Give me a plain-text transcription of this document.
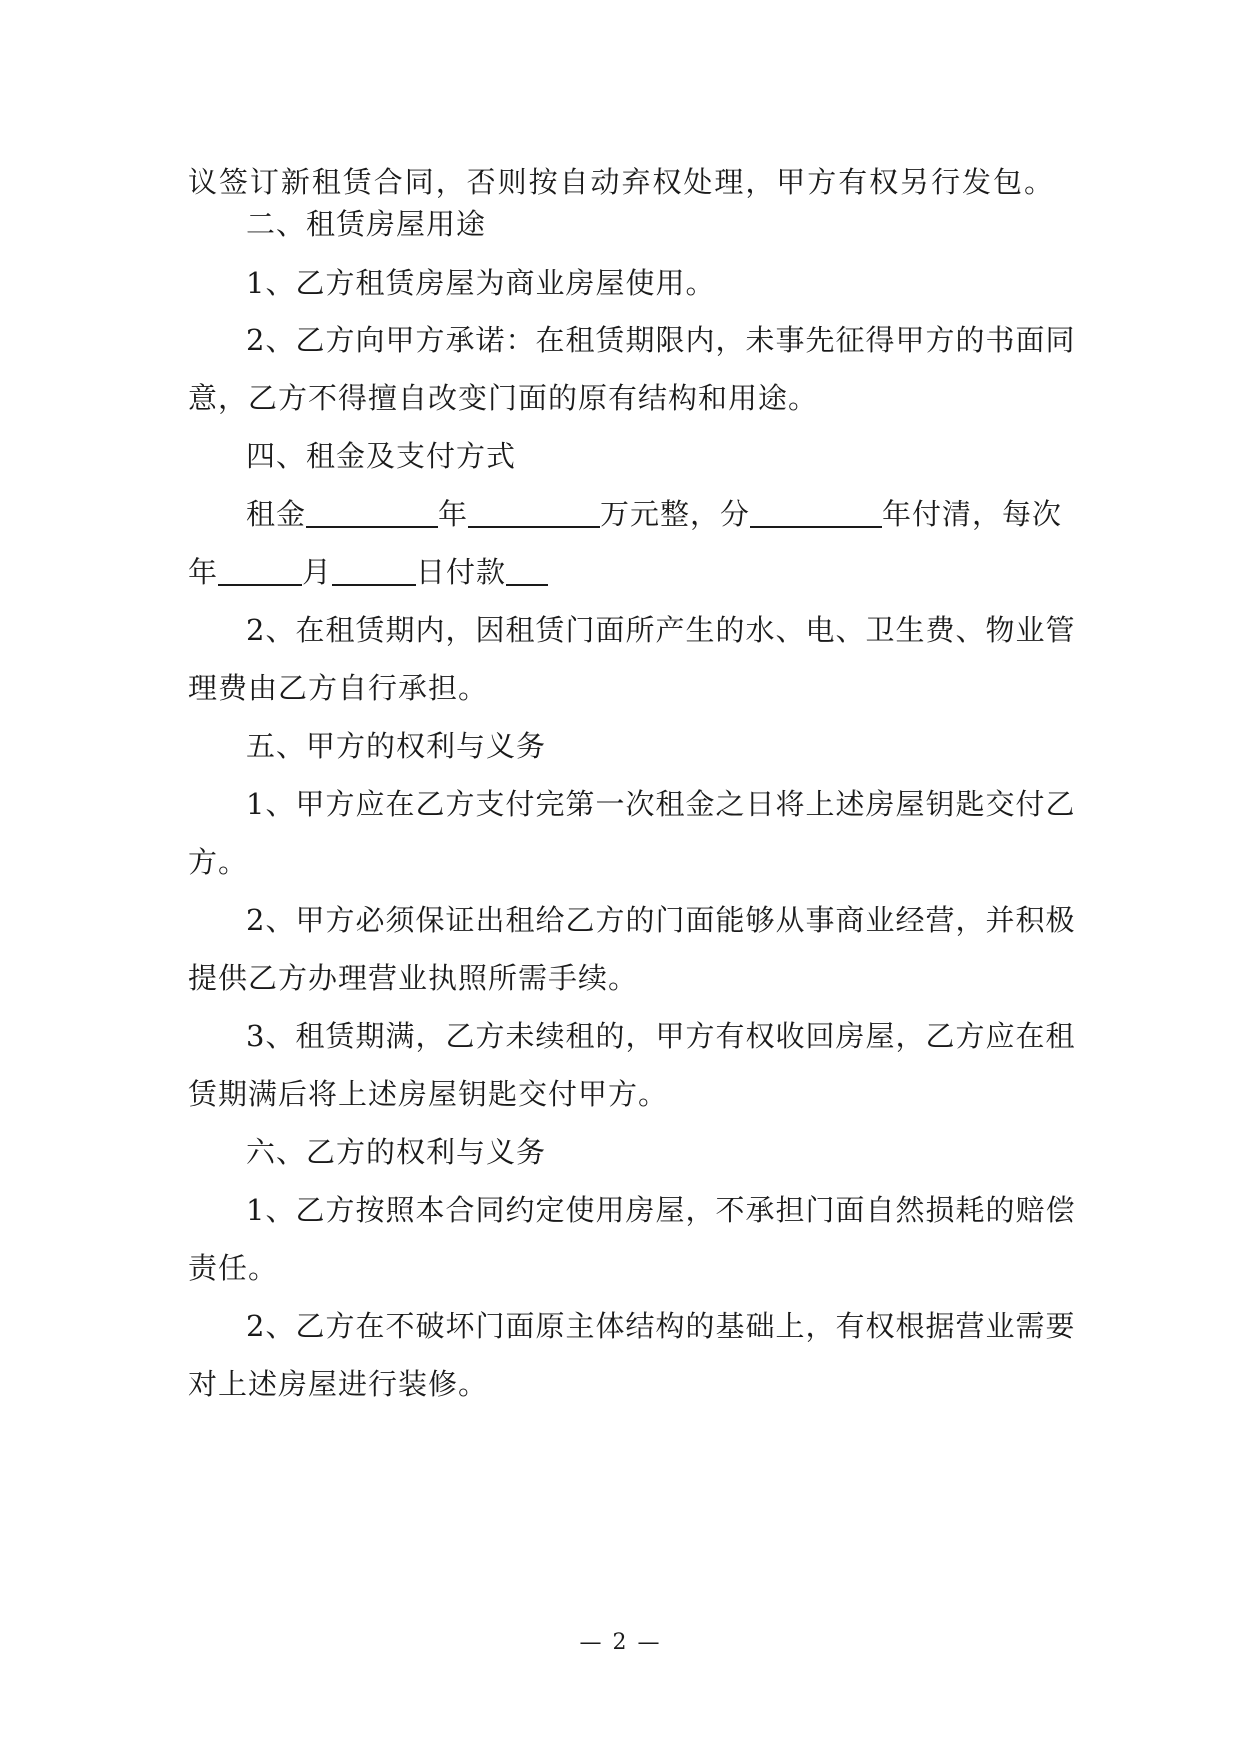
议签订新租赁合同，否则按自动弃权处理，甲方有权另行发包。
二、租赁房屋用途
1、乙方租赁房屋为商业房屋使用。
2、乙方向甲方承诺：在租赁期限内，未事先征得甲方的书面同
意，乙方不得擅自改变门面的原有结构和用途。
四、租金及支付方式
租金	年	万元整，分	年付清，每次
年	月	日付款
2、在租赁期内，因租赁门面所产生的水、电、卫生费、物业管
理费由乙方自行承担。
五、甲方的权利与义务
1、甲方应在乙方支付完第一次租金之日将上述房屋钥匙交付乙
方。
2、甲方必须保证出租给乙方的门面能够从事商业经营，并积极
提供乙方办理营业执照所需手续。
3、租赁期满，乙方未续租的，甲方有权收回房屋，乙方应在租
赁期满后将上述房屋钥匙交付甲方。
六、乙方的权利与义务
1、乙方按照本合同约定使用房屋，不承担门面自然损耗的赔偿
责任。
2、乙方在不破坏门面原主体结构的基础上，有权根据营业需要
对上述房屋进行装修。
— 2 —
